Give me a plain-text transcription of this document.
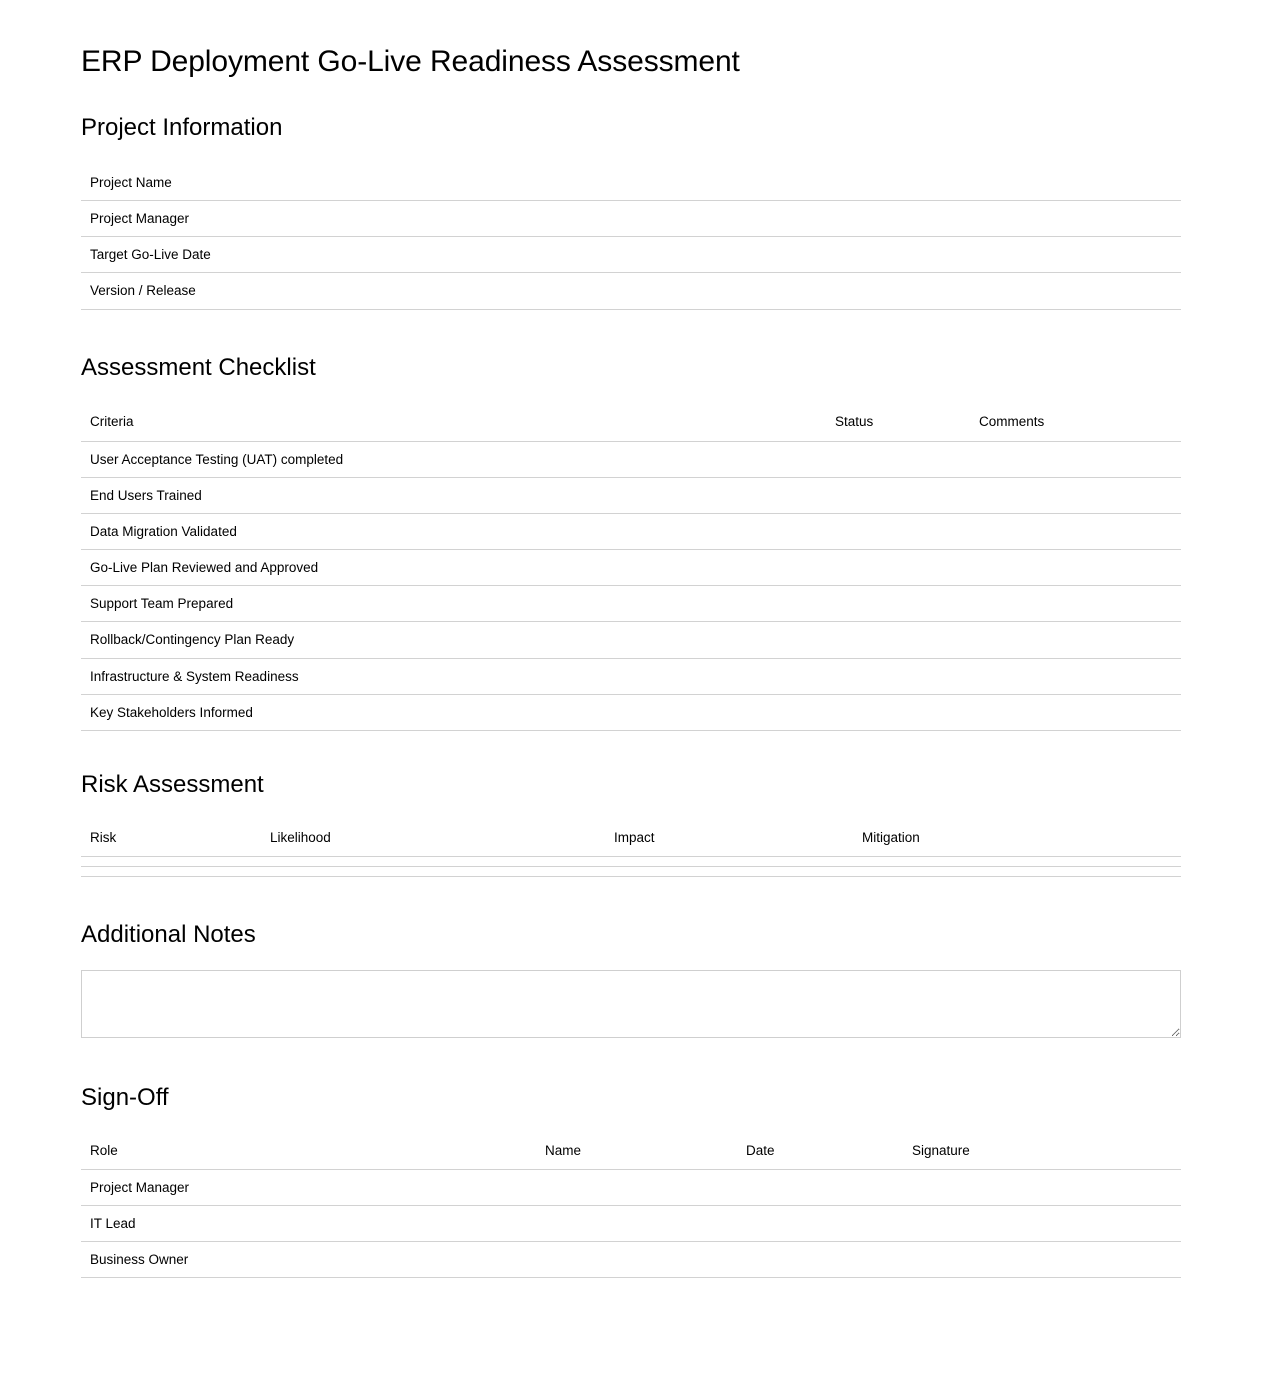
ERP Deployment Go-Live Readiness Assessment
Project Information
Project Name
Project Manager
Target Go-Live Date
Version / Release
Assessment Checklist
Criteria	Status	Comments
User Acceptance Testing (UAT) completed		
End Users Trained		
Data Migration Validated		
Go-Live Plan Reviewed and Approved		
Support Team Prepared		
Rollback/Contingency Plan Ready		
Infrastructure & System Readiness		
Key Stakeholders Informed		
Risk Assessment
Risk	Likelihood	Impact	Mitigation

Additional Notes
Sign-Off
Role	Name	Date	Signature
Project Manager			
IT Lead			
Business Owner			
